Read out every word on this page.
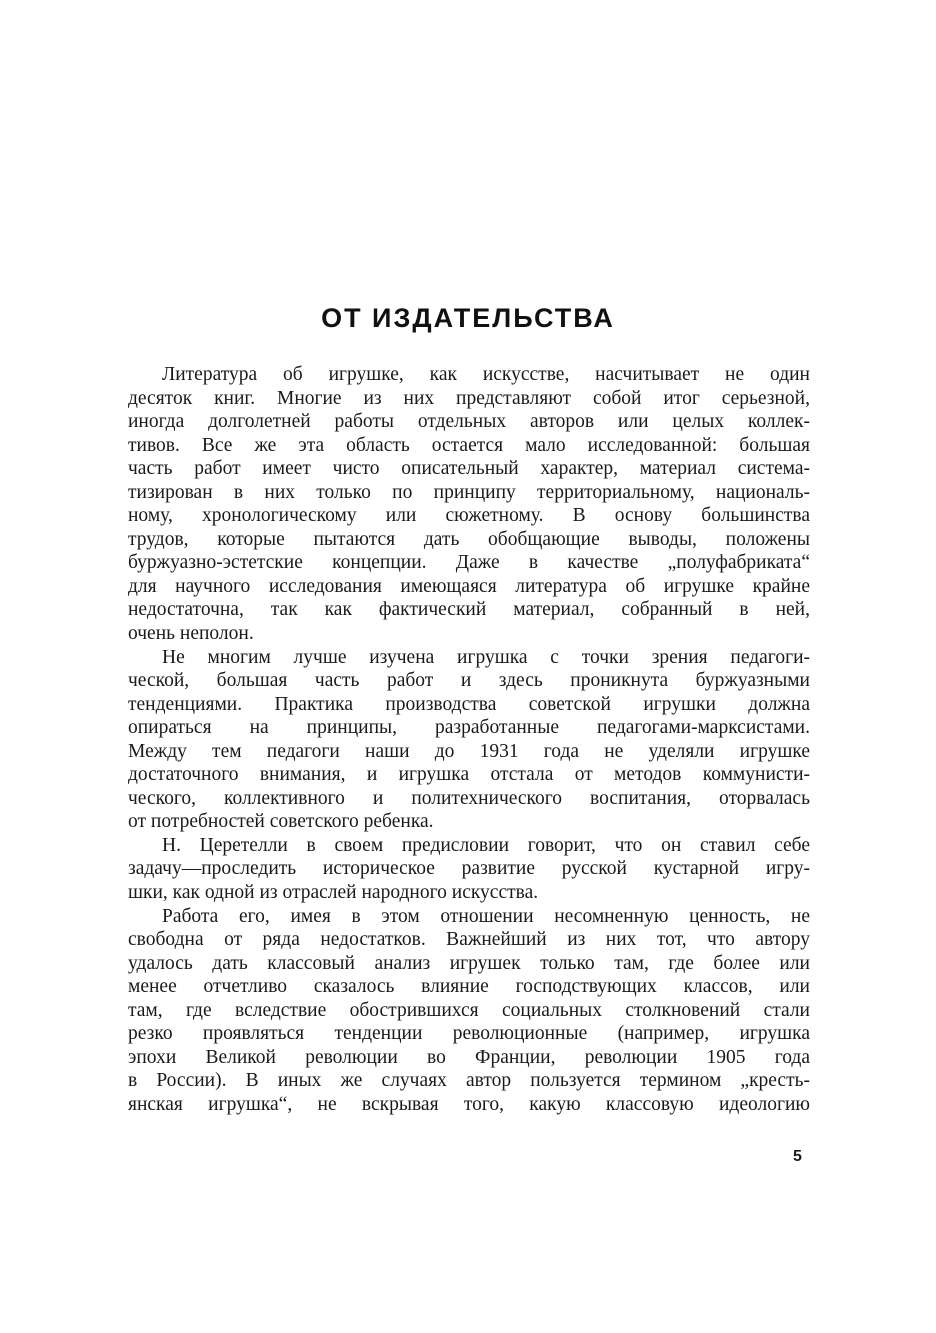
ОТ ИЗДАТЕЛЬСТВА
Литература об игрушке, как искусстве, насчитывает не один
десяток книг. Многие из них представляют собой итог серьезной,
иногда долголетней работы отдельных авторов или целых коллек-
тивов. Все же эта область остается мало исследованной: большая
часть работ имеет чисто описательный характер, материал система-
тизирован в них только по принципу территориальному, националь-
ному, хронологическому или сюжетному. В основу большинства
трудов, которые пытаются дать обобщающие выводы, положены
буржуазно-эстетские концепции. Даже в качестве „полуфабриката“
для научного исследования имеющаяся литература об игрушке крайне
недостаточна, так как фактический материал, собранный в ней,
очень неполон.
Не многим лучше изучена игрушка с точки зрения педагоги-
ческой, большая часть работ и здесь проникнута буржуазными
тенденциями. Практика производства советской игрушки должна
опираться на принципы, разработанные педагогами-марксистами.
Между тем педагоги наши до 1931 года не уделяли игрушке
достаточного внимания, и игрушка отстала от методов коммунисти-
ческого, коллективного и политехнического воспитания, оторвалась
от потребностей советского ребенка.
Н. Церетелли в своем предисловии говорит, что он ставил себе
задачу—проследить историческое развитие русской кустарной игру-
шки, как одной из отраслей народного искусства.
Работа его, имея в этом отношении несомненную ценность, не
свободна от ряда недостатков. Важнейший из них тот, что автору
удалось дать классовый анализ игрушек только там, где более или
менее отчетливо сказалось влияние господствующих классов, или
там, где вследствие обострившихся социальных столкновений стали
резко проявляться тенденции революционные (например, игрушка
эпохи Великой революции во Франции, революции 1905 года
в России). В иных же случаях автор пользуется термином „кресть-
янская игрушка“, не вскрывая того, какую классовую идеологию
5
